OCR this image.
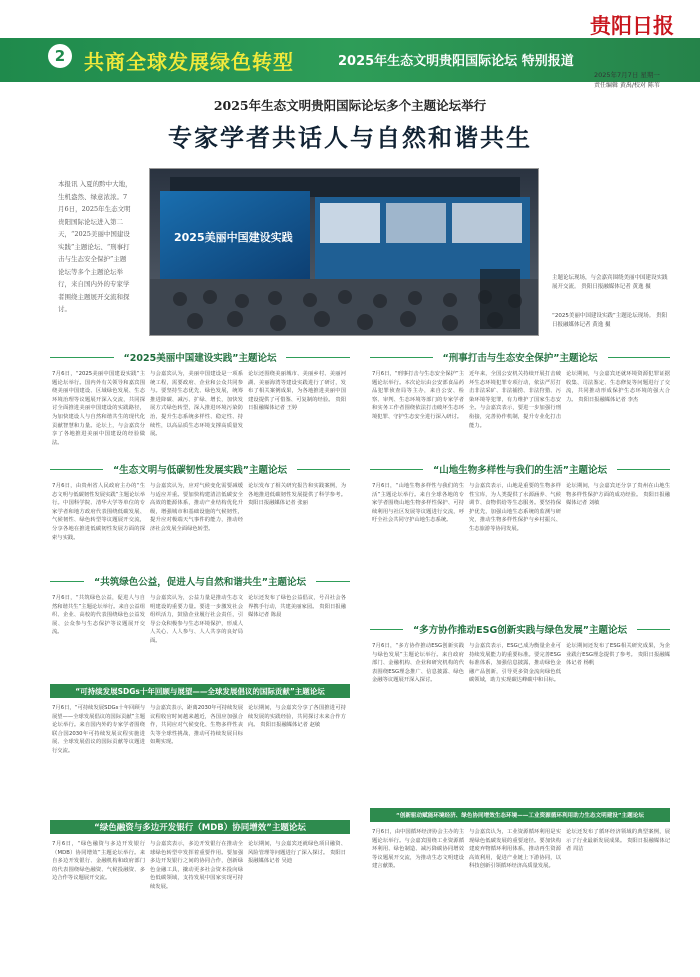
贵阳日报
2 共商全球发展绿色转型	2025年生态文明贵阳国际论坛 特别报道
2025年7月7日 星期一
责任编辑 黄禹/校对 陈苇
2025年生态文明贵阳国际论坛多个主题论坛举行
专家学者共话人与自然和谐共生
本报讯 入夏的黔中大地，生机盎然、绿意浓浓。7月6日，2025年生态文明贵阳国际论坛进入第二天，“2025美丽中国建设实践”主题论坛、“刑事打击与生态安全保护”主题论坛等多个主题论坛举行，来自国内外的专家学者围绕主题展开交流和探讨。
2025美丽中国建设实践
主题论坛现场，与会嘉宾围绕美丽中国建设实践展开交流。 贵阳日报融媒体记者 黄逸 摄
“2025美丽中国建设实践”主题论坛现场。 贵阳日报融媒体记者 黄逸 摄
“2025美丽中国建设实践”主题论坛	“刑事打击与生态安全保护”主题论坛
7月6日，“2025美丽中国建设实践”主题论坛举行。国内外有关领导和嘉宾围绕美丽中国建设、区域绿色发展、生态环境治理等议题展开深入交流，共同探讨全面推进美丽中国建设的实践路径，为加快建设人与自然和谐共生的现代化贡献智慧和力量。论坛上，与会嘉宾分享了各地推进美丽中国建设的经验做法。
与会嘉宾认为，美丽中国建设是一项系统工程，需要政府、企业和公众共同参与。要坚持生态优先、绿色发展，统筹推进降碳、减污、扩绿、增长，加快发展方式绿色转型，深入推进环境污染防治，提升生态系统多样性、稳定性、持续性，以高品质生态环境支撑高质量发展。
论坛还围绕美丽城市、美丽乡村、美丽河湖、美丽海湾等建设实践进行了研讨，发布了相关案例成果，为各地推进美丽中国建设提供了可借鉴、可复制的经验。 贵阳日报融媒体记者 王婷
7月6日，“刑事打击与生态安全保护”主题论坛举行。本次论坛由公安部食品药品犯罪侦查局等主办，来自公安、检察、审判、生态环境等部门的专家学者和实务工作者围绕依法打击破坏生态环境犯罪、守护生态安全进行深入研讨。
近年来，全国公安机关持续开展打击破坏生态环境犯罪专项行动，依法严厉打击非法采矿、非法捕捞、非法狩猎、污染环境等犯罪，有力维护了国家生态安全。与会嘉宾表示，要进一步加强行刑衔接，完善协作机制，提升专业化打击能力。
论坛期间，与会嘉宾还就环境资源犯罪证据收集、司法鉴定、生态修复等问题进行了交流，共同推动形成保护生态环境的强大合力。 贵阳日报融媒体记者 李杰
“生态文明与低碳韧性发展实践”主题论坛	“山地生物多样性与我们的生活”主题论坛
7月6日，由贵州省人民政府主办的“生态文明与低碳韧性发展实践”主题论坛举行。中国科学院、清华大学等单位的专家学者和地方政府代表围绕低碳发展、气候韧性、绿色转型等议题展开交流，分享各地在推进低碳韧性发展方面的探索与实践。
与会嘉宾认为，应对气候变化需要减缓与适应并重。要加快构建清洁低碳安全高效的能源体系，推动产业结构优化升级，增强城市和基础设施的气候韧性，提升应对极端天气事件的能力，推动经济社会发展全面绿色转型。
论坛发布了相关研究报告和实践案例，为各地推进低碳韧性发展提供了科学参考。 贵阳日报融媒体记者 张丽
7月6日，“山地生物多样性与我们的生活”主题论坛举行。来自全球各地的专家学者围绕山地生物多样性保护、可持续利用与社区发展等议题进行交流，呼吁全社会共同守护山地生态系统。
与会嘉宾表示，山地是重要的生物多样性宝库，为人类提供了水源涵养、气候调节、食物供给等生态服务。要坚持保护优先，加强山地生态系统的监测与研究，推动生物多样性保护与乡村振兴、生态旅游等协同发展。
论坛期间，与会嘉宾还分享了贵州在山地生物多样性保护方面的成功经验。 贵阳日报融媒体记者 刘敏
“共筑绿色公益，促进人与自然和谐共生”主题论坛
7月6日，“共筑绿色公益，促进人与自然和谐共生”主题论坛举行。来自公益组织、企业、高校的代表围绕绿色公益发展、公众参与生态保护等议题展开交流。
与会嘉宾认为，公益力量是推动生态文明建设的重要力量。要进一步激发社会组织活力，鼓励企业履行社会责任，引导公众积极参与生态环境保护，形成人人关心、人人参与、人人共享的良好局面。
论坛还发布了绿色公益倡议，号召社会各界携手行动，共建美丽家园。 贵阳日报融媒体记者 陈晨
“多方协作推动ESG创新实践与绿色发展”主题论坛
7月6日，“多方协作推动ESG创新实践与绿色发展”主题论坛举行。来自政府部门、金融机构、企业和研究机构的代表围绕ESG理念推广、信息披露、绿色金融等议题展开深入探讨。
与会嘉宾表示，ESG已成为衡量企业可持续发展能力的重要标准。要完善ESG标准体系，加强信息披露，推动绿色金融产品创新，引导更多资金流向绿色低碳领域，助力实现碳达峰碳中和目标。
论坛期间还发布了ESG相关研究成果，为企业践行ESG理念提供了参考。 贵阳日报融媒体记者 杨帆
“可持续发展SDGs十年回顾与展望——全球发展倡议的国际贡献”主题论坛
7月6日，“可持续发展SDGs十年回顾与展望——全球发展倡议的国际贡献”主题论坛举行。来自国内外的专家学者围绕联合国2030年可持续发展议程实施进展、全球发展倡议的国际贡献等议题进行交流。
与会嘉宾表示，距离2030年可持续发展议程收官时间越来越近，各国应加强合作，共同应对气候变化、生物多样性丧失等全球性挑战，推动可持续发展目标如期实现。
论坛期间，与会嘉宾分享了各国推进可持续发展的实践经验，共同探讨未来合作方向。 贵阳日报融媒体记者 赵敏
“创新驱动赋能环境经济、绿色协同增效生态环境——工业资源循环利用助力生态文明建设”主题论坛
7月6日，由中国循环经济协会主办的主题论坛举行。与会嘉宾围绕工业资源循环利用、绿色制造、减污降碳协同增效等议题展开交流，为推动生态文明建设建言献策。
与会嘉宾认为，工业资源循环利用是实现绿色低碳发展的重要途径。要加快构建废弃物循环利用体系，推动再生资源高效利用，促进产业链上下游协同，以科技创新引领循环经济高质量发展。
论坛还发布了循环经济领域的典型案例，展示了行业最新发展成果。 贵阳日报融媒体记者 周洁
“绿色融资与多边开发银行（MDB）协同增效”主题论坛
7月6日，“绿色融资与多边开发银行（MDB）协同增效”主题论坛举行。来自多边开发银行、金融机构和政府部门的代表围绕绿色融资、气候投融资、多边合作等议题展开交流。
与会嘉宾表示，多边开发银行在推动全球绿色转型中发挥着重要作用。要加强多边开发银行之间的协同合作，创新绿色金融工具，撬动更多社会资本投向绿色低碳领域，支持发展中国家实现可持续发展。
论坛期间，与会嘉宾还就绿色项目融资、风险管理等问题进行了深入探讨。 贵阳日报融媒体记者 吴迪
